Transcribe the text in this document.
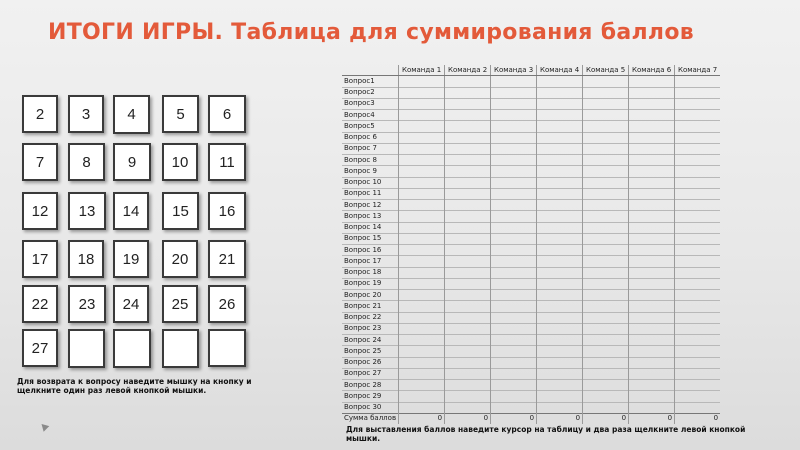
ИТОГИ ИГРЫ. Таблица для суммирования баллов
2	3	4	5	6
7	8	9	10	11
12	13	14	15	16
17	18	19	20	21
22	23	24	25	26
27
Для возврата к вопросу наведите мышку на кнопку и щелкните один раз левой кнопкой мышки.
	Команда 1	Команда 2	Команда 3	Команда 4	Команда 5	Команда 6	Команда 7
Вопрос1							
Вопрос2							
Вопрос3							
Вопрос4							
Вопрос5							
Вопрос 6							
Вопрос 7							
Вопрос 8							
Вопрос 9							
Вопрос 10							
Вопрос 11							
Вопрос 12							
Вопрос 13							
Вопрос 14							
Вопрос 15							
Вопрос 16							
Вопрос 17							
Вопрос 18							
Вопрос 19							
Вопрос 20							
Вопрос 21							
Вопрос 22							
Вопрос 23							
Вопрос 24							
Вопрос 25							
Вопрос 26							
Вопрос 27							
Вопрос 28							
Вопрос 29							
Вопрос 30							
Сумма баллов	0	0	0	0	0	0	0
Для выставления баллов наведите курсор на таблицу и два раза щелкните левой кнопкой мышки.
